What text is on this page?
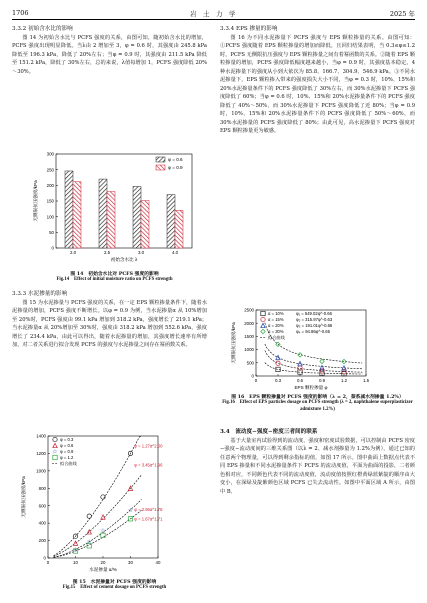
1706	岩　土　力　学	2025 年
3.3.2 初始含水比的影响

图 14 为初始含水比与 PCFS 强度的关系，由图可知，随初始含水比的增加，PCFS 强度出现明显降低。当λ由 2 增加至 3，φ = 0.6 时，其强度由 245.8 kPa 降低至 196.3 kPa，降低了 20%左右；当φ = 0.9 时，其强度由 211.5 kPa 降低至 151.2 kPa，降低了 30%左右，总的来说，λ值每增加 1，PCFS 强度降低 20%～30%。

0
50
100
150
200
250
300
无侧限抗压强度/kPa
2.0	2.5	3.0	4.0
初始含水比 λ
φ = 0.6
φ = 0.9
图 14　初始含水比对 PCFS 强度的影响
Fig.14　Effect of initial moisture ratio on PCFS strength
3.3.3 水泥掺量的影响

图 15 为水泥掺量与 PCFS 强度的关系，在一定 EPS 颗粒掺量条件下，随着水泥掺量的增加，PCFS 强度不断增长。以φ = 0.9 为例，当水泥掺量α 从 10%增加至 20%时，PCFS 强度由 99.1 kPa 增加到 318.2 kPa，强度增长了 219.1 kPa；当水泥掺量α 从 20%增加至 30%时，强度由 318.2 kPa 增加到 552.6 kPa，强度增长了 234.4 kPa，由此可以得出，随着水泥掺量的增加，其强度增长速率有所增加，对二者关系进行拟合发现 PCFS 的强度与水泥掺量之间存在幂函数关系。

0
200
400
600
800
1000
1200
1400
无侧限抗压强度/kPa
0	10	20	30	40
水泥掺量 α/%
☆
☆
☆
☆
φ = 0.3
φ = 0.6
☆ φ = 0.9
φ = 1.2
拟合曲线
φ = 1.27α^2.00
φ = 3.45α^1.96
φ = 2.66α^1.78
φ = 1.67α^1.71
图 15　水泥掺量对 PCFS 强度的影响
Fig.15　Effect of cement dosage on PCFS strength
3.3.4 EPS 掺量的影响

图 16 为不同水泥掺量下 PCFS 强度与 EPS 颗粒掺量的关系。由图可知：①PCFS 强度随着 EPS 颗粒掺量的增加而降低，且回归结果表明，当 0.3≤φ≤1.2 时，PCFS 无侧限抗压强度与 EPS 颗粒掺量之间有着幂函数的关系。②随着 EPS 颗粒掺量的增加，PCFS 强度降低幅度越来越小，当φ = 0.9 时，其强度基本稳定。4 种水泥掺量下的强度从小到大依次为 85.8、166.7、304.9、546.9 kPa。③不同水泥掺量下，EPS 颗粒掺入带来的强度损失大小不同，当φ = 0.3 时，10%、15%和 20%水泥掺量条件下的 PCFS 强度降低了 30%左右，而 30%水泥掺量下 PCFS 强度降低了 60%；当φ = 0.6 时，10%、15%和 20%水泥掺量条件下的 PCFS 强度降低了 40%～50%，而 30%水泥掺量下 PCFS 强度降低了近 80%；当φ = 0.9 时，10%、15%和 20%水泥掺量条件下的 PCFS 强度降低了 50%～60%，而 30%水泥掺量的 PCFS 强度降低了 80%；由此可见，高水泥掺量下 PCFS 强度对 EPS 颗粒掺量更为敏感。

0
500
1000
1500
2000
2500
无侧限抗压强度/kPa
0	0.3	0.6	0.9	1.2	1.5
EPS 颗粒掺量 φ
α = 10%
α = 15%
α = 20%
α = 30%
拟合曲线
φ₁ = 549.02φ^-0.66
φ₂ = 315.97φ^-0.63
φ₃ = 191.01φ^-0.66
φ₄ = 94.86φ^-0.65
图 16　EPS 颗粒掺量对 PCFS 强度的影响（λ = 2，萘系减水剂掺量 1.2%）
Fig.16　Effect of EPS particles dosage on PCFS strength (λ = 2, naphthalene superplasticizer admixture 1.2%)
3.4　流动度−强度−密度三者间的联系

基于大量室内试验得到的流动度、强度和密度试验数据，可以控制由 PCFS 密度−强度−流动度间的三维关系图（以λ = 2、减水剂掺量为 1.2%为例），通过已知的任意两个物理量，可以得到剩余指标的值，如图 17 所示。图中曲面上数据点代表不同 EPS 掺量和不同水泥掺量条件下 PCFS 的流动度值，平面为曲面的投影，二者颜色相对应，不同颜色代表不同的流动度值，流动度值按照红橙黄绿蓝紫靛的顺序由大变小，在深绿及靛紫颜色区域 PCFS 已失去流动性。如图中平面区域 A 所示，由图中 B、
